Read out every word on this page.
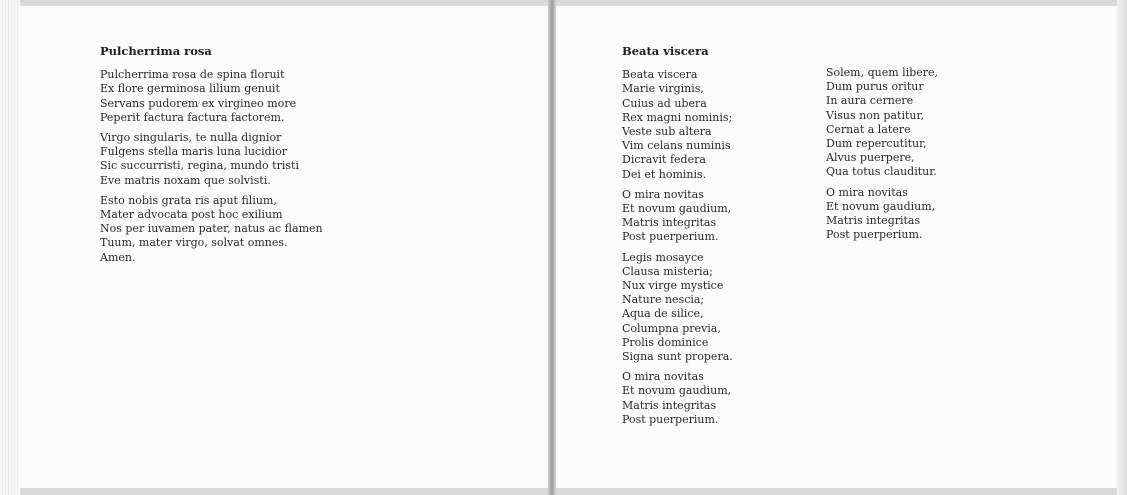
Pulcherrima rosa
Pulcherrima rosa de spina floruit
Ex flore germinosa lilium genuit
Servans pudorem ex virgineo more
Peperit factura factura factorem.
Virgo singularis, te nulla dignior
Fulgens stella maris luna lucidior
Sic succurristi, regina, mundo tristi
Eve matris noxam que solvisti.
Esto nobis grata ris aput filium,
Mater advocata post hoc exilium
Nos per iuvamen pater, natus ac flamen
Tuum, mater virgo, solvat omnes.
Amen.
Beata viscera
Beata viscera
Marie virginis,
Cuius ad ubera
Rex magni nominis;
Veste sub altera
Vim celans numinis
Dicravit federa
Dei et hominis.
O mira novitas
Et novum gaudium,
Matris integritas
Post puerperium.
Legis mosayce
Clausa misteria;
Nux virge mystice
Nature nescia;
Aqua de silice,
Columpna previa,
Prolis dominice
Signa sunt propera.
O mira novitas
Et novum gaudium,
Matris integritas
Post puerperium.
Solem, quem libere,
Dum purus oritur
In aura cernere
Visus non patitur,
Cernat a latere
Dum repercutitur,
Alvus puerpere,
Qua totus clauditur.
O mira novitas
Et novum gaudium,
Matris integritas
Post puerperium.
